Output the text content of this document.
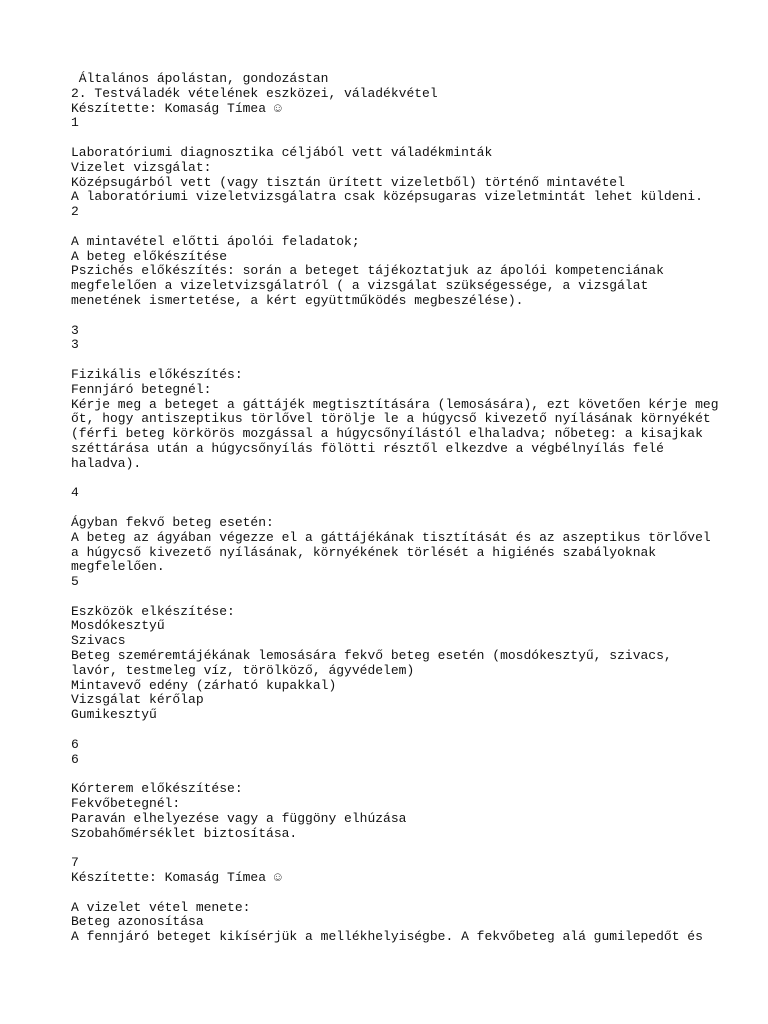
Általános ápolástan, gondozástan
2. Testváladék vételének eszközei, váladékvétel
Készítette: Komaság Tímea ☺
1
Laboratóriumi diagnosztika céljából vett váladékminták
Vizelet vizsgálat:
Középsugárból vett (vagy tisztán ürített vizeletből) történő mintavétel
A laboratóriumi vizeletvizsgálatra csak középsugaras vizeletmintát lehet küldeni.
2
A mintavétel előtti ápolói feladatok;
A beteg előkészítése
Pszichés előkészítés: során a beteget tájékoztatjuk az ápolói kompetenciának
megfelelően a vizeletvizsgálatról ( a vizsgálat szükségessége, a vizsgálat
menetének ismertetése, a kért együttműködés megbeszélése).
3
3
Fizikális előkészítés:
Fennjáró betegnél:
Kérje meg a beteget a gáttájék megtisztítására (lemosására), ezt követően kérje meg
őt, hogy antiszeptikus törlővel törölje le a húgycső kivezető nyílásának környékét
(férfi beteg körkörös mozgással a húgycsőnyílástól elhaladva; nőbeteg: a kisajkak
széttárása után a húgycsőnyílás fölötti résztől elkezdve a végbélnyílás felé
haladva).
4
Ágyban fekvő beteg esetén:
A beteg az ágyában végezze el a gáttájékának tisztítását és az aszeptikus törlővel
a húgycső kivezető nyílásának, környékének törlését a higiénés szabályoknak
megfelelően.
5
Eszközök elkészítése:
Mosdókesztyű
Szivacs
Beteg szeméremtájékának lemosására fekvő beteg esetén (mosdókesztyű, szivacs,
lavór, testmeleg víz, törölköző, ágyvédelem)
Mintavevő edény (zárható kupakkal)
Vizsgálat kérőlap
Gumikesztyű
6
6
Kórterem előkészítése:
Fekvőbetegnél:
Paraván elhelyezése vagy a függöny elhúzása
Szobahőmérséklet biztosítása.
7
Készítette: Komaság Tímea ☺
A vizelet vétel menete:
Beteg azonosítása
A fennjáró beteget kikísérjük a mellékhelyiségbe. A fekvőbeteg alá gumilepedőt és
